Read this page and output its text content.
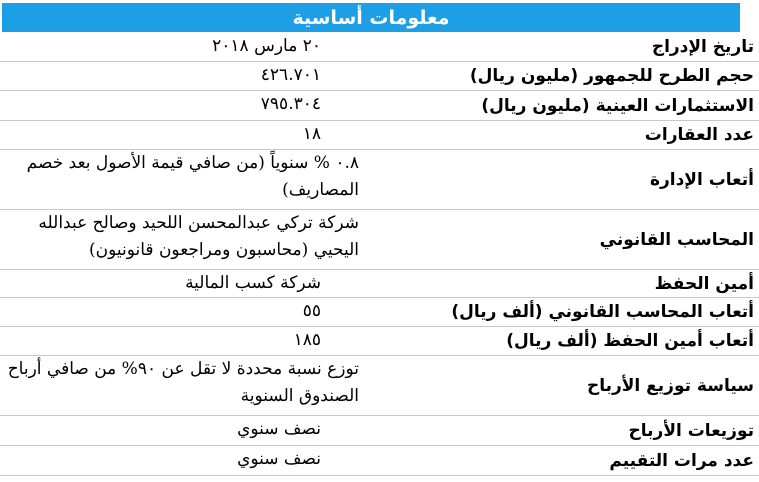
معلومات أساسية
تاريخ الإدراج
٢٠ مارس ٢٠١٨
حجم الطرح للجمهور (مليون ريال)
٤٢٦.٧٠١
الاستثمارات العينية (مليون ريال)
٧٩٥.٣٠٤
عدد العقارات
١٨
أتعاب الإدارة
٠.٨ % سنوياً (من صافي قيمة الأصول بعد خصم المصاريف)
المحاسب القانوني
شركة تركي عبدالمحسن اللحيد وصالح عبدالله اليحيي (محاسبون ومراجعون قانونيون)
أمين الحفظ
شركة كسب المالية
أتعاب المحاسب القانوني (ألف ريال)
٥٥
أتعاب أمين الحفظ (ألف ريال)
١٨٥
سياسة توزيع الأرباح
توزع نسبة محددة لا تقل عن ٩٠% من صافي أرباح الصندوق السنوية
توزيعات الأرباح
نصف سنوي
عدد مرات التقييم
نصف سنوي
